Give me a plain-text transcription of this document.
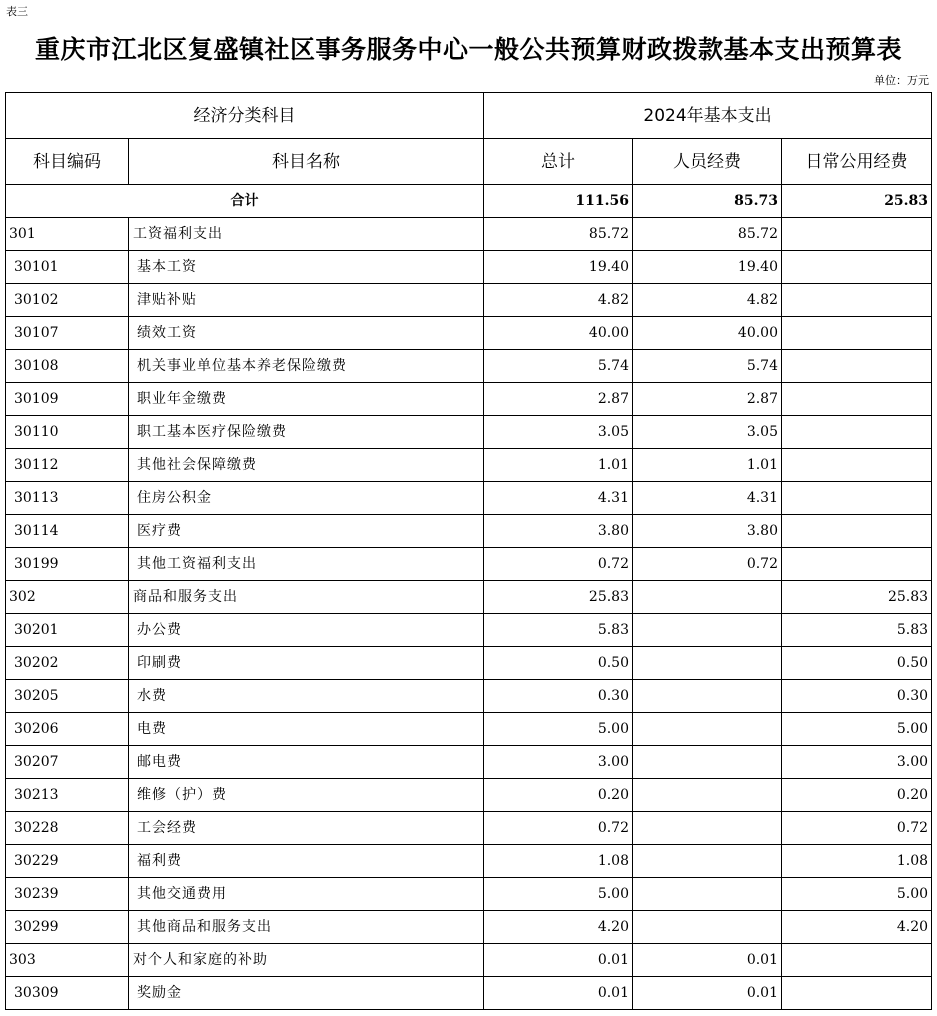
表三
重庆市江北区复盛镇社区事务服务中心一般公共预算财政拨款基本支出预算表
单位：万元
经济分类科目		2024年基本支出		
科目编码	科目名称	总计	人员经费	日常公用经费
合计		111.56	85.73	25.83
301	工资福利支出	85.72	85.72	
30101	基本工资	19.40	19.40	
30102	津贴补贴	4.82	4.82	
30107	绩效工资	40.00	40.00	
30108	机关事业单位基本养老保险缴费	5.74	5.74	
30109	职业年金缴费	2.87	2.87	
30110	职工基本医疗保险缴费	3.05	3.05	
30112	其他社会保障缴费	1.01	1.01	
30113	住房公积金	4.31	4.31	
30114	医疗费	3.80	3.80	
30199	其他工资福利支出	0.72	0.72	
302	商品和服务支出	25.83		25.83
30201	办公费	5.83		5.83
30202	印刷费	0.50		0.50
30205	水费	0.30		0.30
30206	电费	5.00		5.00
30207	邮电费	3.00		3.00
30213	维修（护）费	0.20		0.20
30228	工会经费	0.72		0.72
30229	福利费	1.08		1.08
30239	其他交通费用	5.00		5.00
30299	其他商品和服务支出	4.20		4.20
303	对个人和家庭的补助	0.01	0.01	
30309	奖励金	0.01	0.01	
